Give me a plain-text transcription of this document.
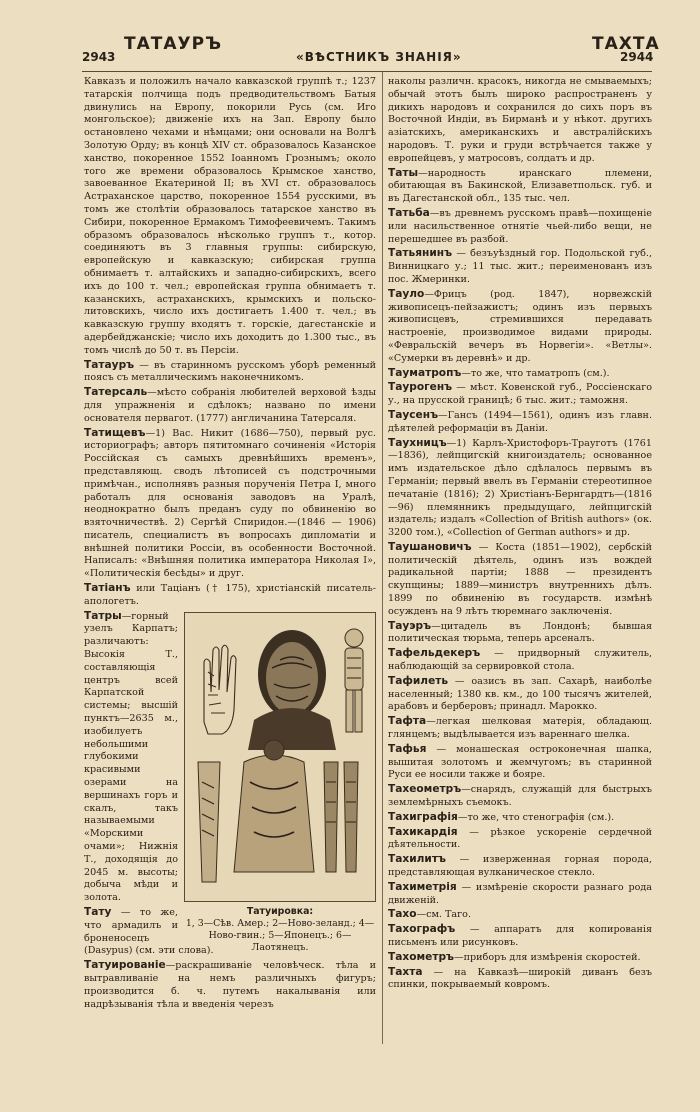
ТАТАУРЪ	ТАХТА
2943	2944
«ВѢСТНИКЪ ЗНАНІЯ»

Кавказъ и положилъ начало кавказской группѣ т.; 1237 татарскія полчища подъ предводительствомъ Батыя двинулись на Европу, покорили Русь (см. Иго монгольское); движеніе ихъ на Зап. Европу было остановлено чехами и нѣмцами; они основали на Волгѣ Золотую Орду; въ концѣ XIV ст. образовалось Казанское ханство, покоренное 1552 Іоанномъ Грознымъ; около того же времени образовалось Крымское ханство, завоеванное Екатериной II; въ XVI ст. образовалось Астраханское царство, покоренное 1554 русскими, въ томъ же столѣтіи образовалось татарское ханство въ Сибири, покоренное Ермакомъ Тимофеевичемъ. Такимъ образомъ образовалось нѣсколько группъ т., котор. соединяютъ въ 3 главныя группы: сибирскую, европейскую и кавказскую; сибирская группа обнимаетъ т. алтайскихъ и западно-сибирскихъ, всего ихъ до 100 т. чел.; европейская группа обнимаетъ т. казанскихъ, астраханскихъ, крымскихъ и польско-литовскихъ, число ихъ достигаетъ 1.400 т. чел.; въ кавказскую группу входятъ т. горскіе, дагестанскіе и адербейджанскіе; число ихъ доходитъ до 1.300 тыс., въ томъ числѣ до 50 т. въ Персіи.

Татауръ — въ старинномъ русскомъ уборѣ ременный поясъ съ металлическимъ наконечникомъ.

Татерсаль—мѣсто собранія любителей верховой ѣзды для упражненія и сдѣлокъ; названо по имени основателя первагот. (1777) англичанина Татерсаля.

Татищевъ—1) Вас. Никит (1686—750), первый рус. историографъ; авторъ пятитомнаго сочиненія «Исторія Россійская съ самыхъ древнѣйшихъ временъ», представляющ. сводъ лѣтописей съ подстрочными примѣчан., исполнявъ разныя порученія Петра I, много работалъ для основанія заводовъ на Уралѣ, неоднократно былъ преданъ суду по обвиненію во взяточничествѣ. 2) Сергѣй Спиридон.—(1846 — 1906) писатель, специалистъ въ вопросахъ дипломатіи и внѣшней политики Россіи, въ особенности Восточной. Написалъ: «Внѣшняя политика императора Николая I», «Политическія бесѣды» и друг.

Татіанъ или Таціанъ († 175), христіанскій писатель-апологетъ.

Татуировка:
1, 3—Сѣв. Амер.; 2—Ново-зеланд.; 4—Ново-гвин.; 5—Японецъ.; 6—Лаотянецъ.

Татры—горный узелъ Карпатъ; различаютъ: Высокія Т., составляющія центръ всей Карпатской системы; высшій пунктъ—2635 м., изобилуетъ небольшими глубокими красивыми озерами на вершинахъ горъ и скалъ, такъ называемыми «Морскими очами»; Нижнія Т., доходящія до 2045 м. высоты; добыча мѣди и золота.

Тату — то же, что армадилъ и броненосецъ (Dasypus) (см. эти слова).

Татуированіе—раскрашиваніе человѣческ. тѣла и вытравливаніе на немъ различныхъ фигуръ; производится б. ч. путемъ накалыванія или надрѣзыванія тѣла и введенія черезъ

наколы различн. красокъ, никогда не смываемыхъ; обычай этотъ былъ широко распространенъ у дикихъ народовъ и сохранился до сихъ поръ въ Восточной Индіи, въ Бирманѣ и у нѣкот. другихъ азіатскихъ, американскихъ и австралійскихъ народовъ. Т. руки и груди встрѣчается также у европейцевъ, у матросовъ, солдатъ и др.

Таты—народность иранскаго племени, обитающая въ Бакинской, Елизаветпольск. губ. и въ Дагестанской обл., 135 тыс. чел.

Татьба—въ древнемъ русскомъ правѣ—похищеніе или насильственное отнятіе чьей-либо вещи, не перешедшее въ разбой.

Татьянинъ — безъуѣздный гор. Подольской губ., Винницкаго у.; 11 тыс. жит.; переименованъ изъ пос. Жмеринки.

Тауло—Фрицъ (род. 1847), норвежскій живописецъ-пейзажистъ; одинъ изъ первыхъ живописцевъ, стремившихся передавать настроеніе, производимое видами природы. «Февральскій вечеръ въ Норвегіи». «Ветлы». «Сумерки въ деревнѣ» и др.

Тауматропъ—то же, что таматропъ (см.).

Таурогенъ — мѣст. Ковенской губ., Россіенскаго у., на прусской границѣ; 6 тыс. жит.; таможня.

Таусенъ—Гансъ (1494—1561), одинъ изъ главн. дѣятелей реформаціи въ Даніи.

Таухницъ—1) Карлъ-Христофоръ-Трауготъ (1761—1836), лейпцигскій книгоиздатель; основанное имъ издательское дѣло сдѣлалось первымъ въ Германіи; первый ввелъ въ Германіи стереотипное печатаніе (1816); 2) Христіанъ-Бернгардтъ—(1816—96) племянникъ предыдущаго, лейпцигскій издатель; издалъ «Collection of British authors» (ок. 3200 том.), «Collection of German authors» и др.

Таушановичъ — Коста (1851—1902), сербскій политическій дѣятель, одинъ изъ вождей радикальной партіи; 1888 — президентъ скупщины; 1889—министръ внутреннихъ дѣлъ. 1899 по обвиненію въ государств. измѣнѣ осужденъ на 9 лѣтъ тюремнаго заключенія.

Тауэръ—цитадель въ Лондонѣ; бывшая политическая тюрьма, теперь арсеналъ.

Тафельдекеръ — придворный служитель, наблюдающій за сервировкой стола.

Тафилеть — оазисъ въ зап. Сахарѣ, наиболѣе населенный; 1380 кв. км., до 100 тысячъ жителей, арабовъ и берберовъ; принадл. Марокко.

Тафта—легкая шелковая матерія, обладающ. глянцемъ; выдѣлывается изъ вареннаго шелка.

Тафья — монашеская остроконечная шапка, вышитая золотомъ и жемчугомъ; въ старинной Руси ее носили также и бояре.

Тахеометръ—снарядъ, служащій для быстрыхъ землемѣрныхъ съемокъ.

Тахиграфія—то же, что стенографія (см.).

Тахикардія — рѣзкое ускореніе сердечной дѣятельности.

Тахилитъ — изверженная горная порода, представляющая вулканическое стекло.

Тахиметрія — измѣреніе скорости разнаго рода движеній.

Тахо—см. Таго.

Тахографъ — аппаратъ для копированія письменъ или рисунковъ.

Тахометръ—приборъ для измѣренія скоростей.

Тахта — на Кавказѣ—широкій диванъ безъ спинки, покрываемый ковромъ.
